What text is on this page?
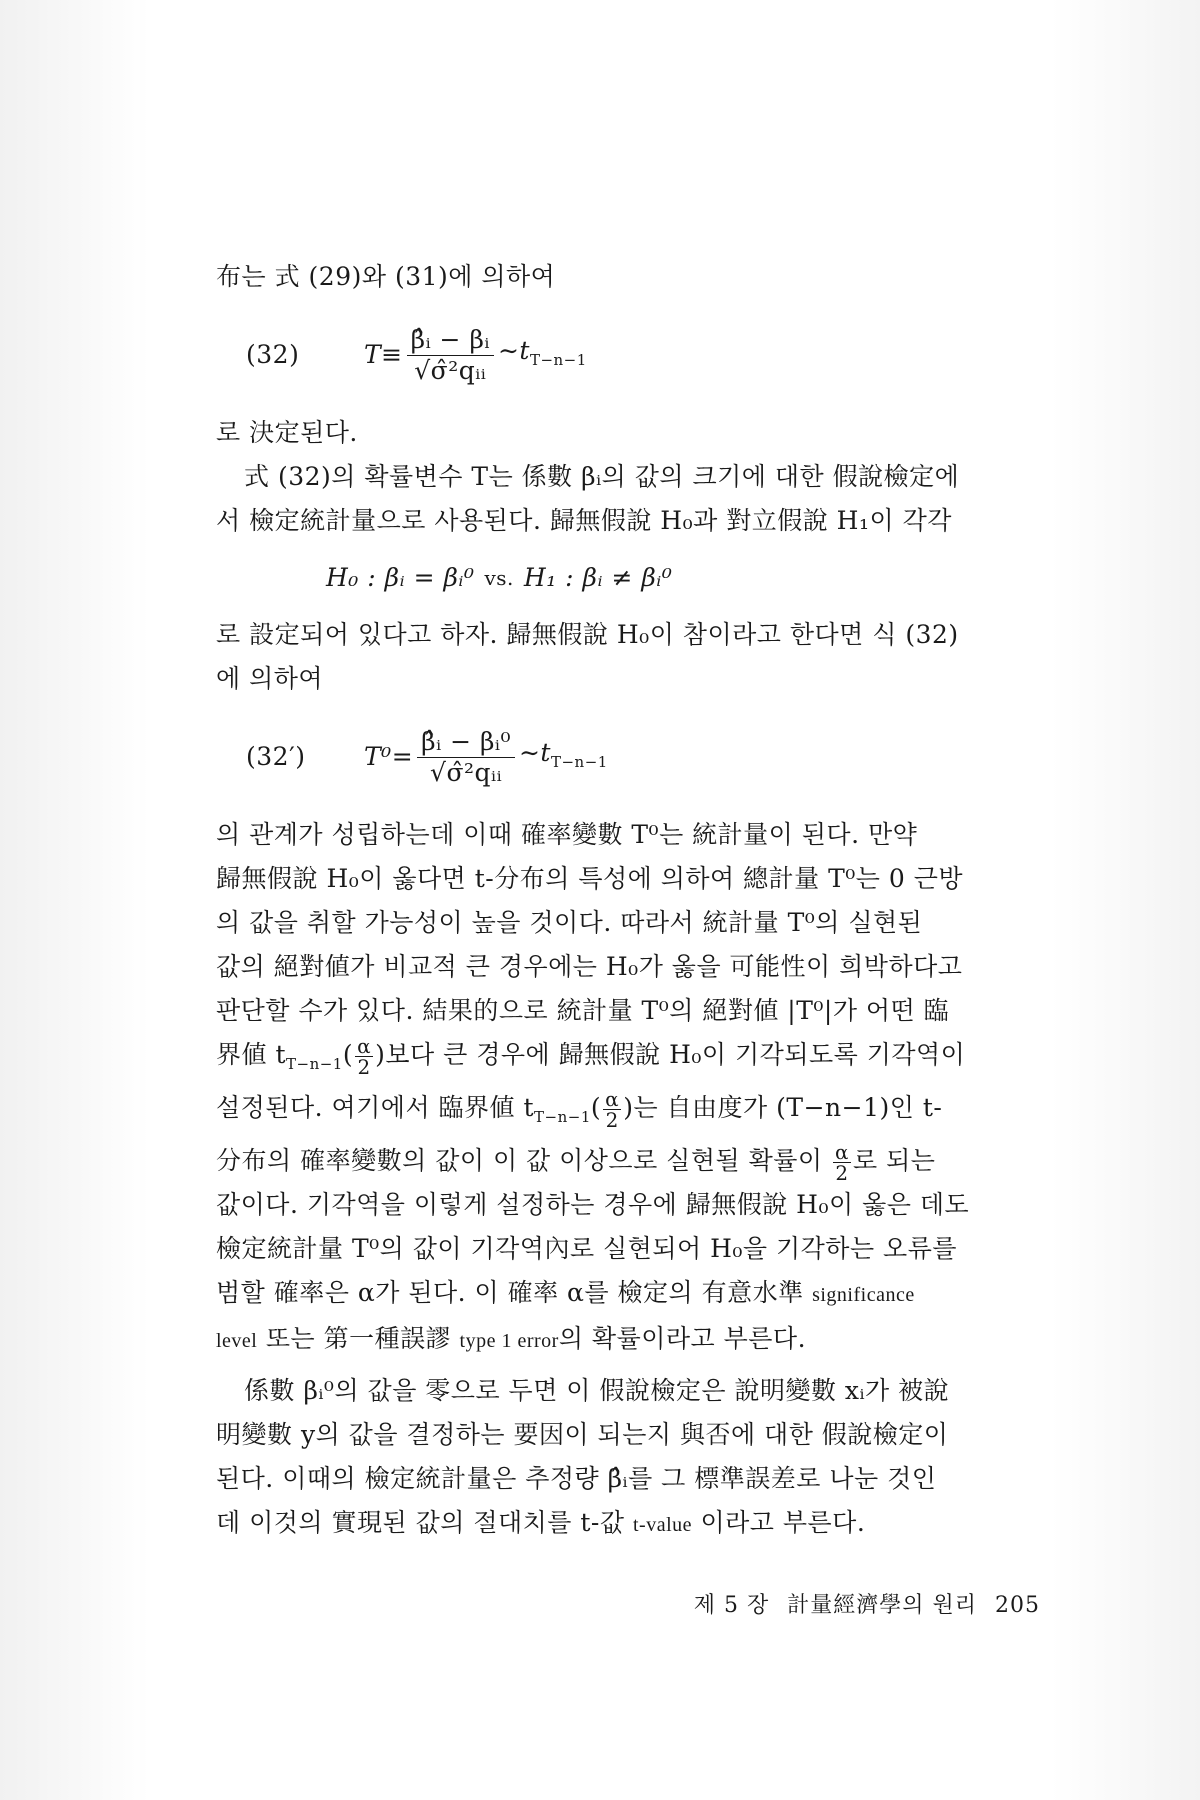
布는 式 (29)와 (31)에 의하여

(32)	$T\equiv \frac{\text{β̂ᵢ − βᵢ}}{\text{√σ̂²qᵢᵢ}}$ $\sim t_{T-n-1}$

로 決定된다.

式 (32)의 확률변수 T는 係數 βᵢ의 값의 크기에 대한 假說檢定에

서 檢定統計量으로 사용된다. 歸無假說 H₀과 對立假說 H₁이 각각

H₀ : βᵢ = βᵢ⁰ vs. H₁ : βᵢ ≠ βᵢ⁰

로 設定되어 있다고 하자. 歸無假說 H₀이 참이라고 한다면 식 (32)

에 의하여

(32′)	$T^0= \frac{\text{β̂ᵢ − βᵢ⁰}}{\text{√σ̂²qᵢᵢ}}$ $\sim t_{T-n-1}$

의 관계가 성립하는데 이때 確率變數 T⁰는 統計量이 된다. 만약

歸無假說 H₀이 옳다면 t-分布의 특성에 의하여 總計量 T⁰는 0 근방

의 값을 취할 가능성이 높을 것이다. 따라서 統計量 T⁰의 실현된

값의 絕對値가 비교적 큰 경우에는 H₀가 옳을 可能性이 희박하다고

판단할 수가 있다. 結果的으로 統計量 T⁰의 絕對値 |T⁰|가 어떤 臨

界値 $t_{T-n-1}( \frac{\alpha}{2}$ )보다 큰 경우에 歸無假說 H₀이 기각되도록 기각역이

설정된다. 여기에서 臨界値 $t_{T-n-1}( \frac{\alpha}{2}$ )는 自由度가 (T−n−1)인 t-

分布의 確率變數의 값이 이 값 이상으로 실현될 확률이 $\frac{\alpha}{2}$ 로 되는

값이다. 기각역을 이렇게 설정하는 경우에 歸無假說 H₀이 옳은 데도

檢定統計量 T⁰의 값이 기각역內로 실현되어 H₀을 기각하는 오류를

범할 確率은 α가 된다. 이 確率 α를 檢定의 有意水準 significance

level 또는 第一種誤謬 type 1 error의 확률이라고 부른다.

係數 βᵢ⁰의 값을 零으로 두면 이 假說檢定은 說明變數 xᵢ가 被說

明變數 y의 값을 결정하는 要因이 되는지 與否에 대한 假說檢定이

된다. 이때의 檢定統計量은 추정량 β̂ᵢ를 그 標準誤差로 나눈 것인

데 이것의 實現된 값의 절대치를 t-값 t-value 이라고 부른다.

제 5 장 計量經濟學의 원리 205
